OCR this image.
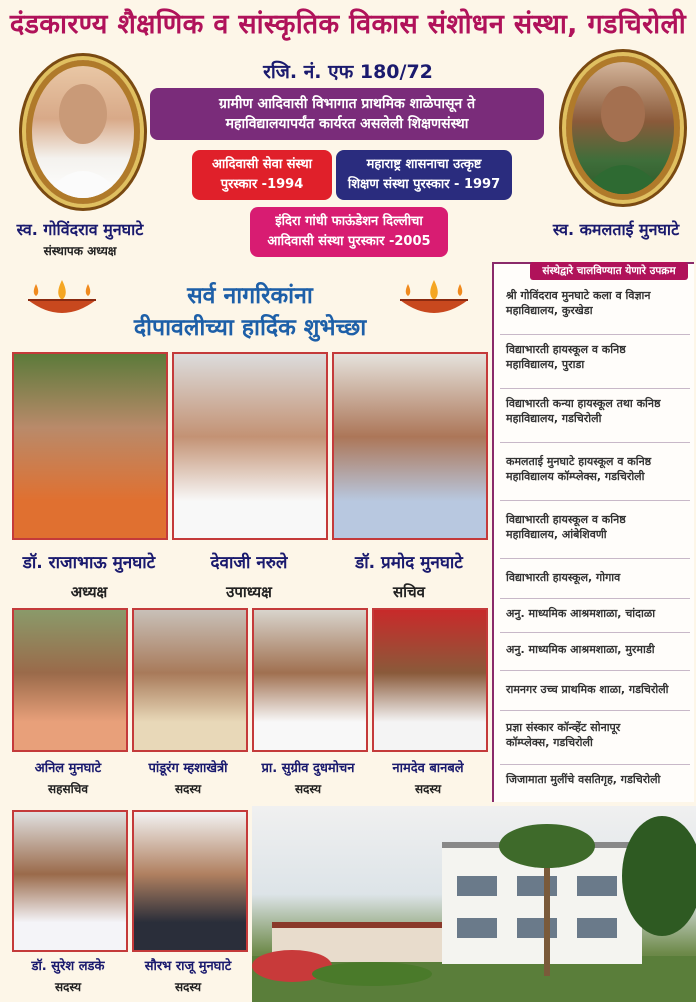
दंडकारण्य शैक्षणिक व सांस्कृतिक विकास संशोधन संस्था, गडचिरोली
रजि. नं. एफ 180/72
ग्रामीण आदिवासी विभागात प्राथमिक शाळेपासून ते
महाविद्यालयापर्यंत कार्यरत असलेली शिक्षणसंस्था
आदिवासी सेवा संस्था
पुरस्कार -1994
महाराष्ट्र शासनाचा उत्कृष्ट
शिक्षण संस्था पुरस्कार - 1997
इंदिरा गांधी फाऊंडेशन दिल्लीचा
आदिवासी संस्था पुरस्कार -2005
स्व. गोविंदराव मुनघाटे
संस्थापक अध्यक्ष
स्व. कमलताई मुनघाटे
सर्व नागरिकांना
दीपावलीच्या हार्दिक शुभेच्छा
डॉ. राजाभाऊ मुनघाटे
अध्यक्ष
देवाजी नरुले
उपाध्यक्ष
डॉ. प्रमोद मुनघाटे
सचिव
अनिल मुनघाटे
सहसचिव
पांडूरंग म्हशाखेत्री
सदस्य
प्रा. सुग्रीव दुधमोचन
सदस्य
नामदेव बानबले
सदस्य
डॉ. सुरेश लडके
सदस्य
सौरभ राजू मुनघाटे
सदस्य
श्री गोविंदराव मुनघाटे कला व विज्ञान
महाविद्यालय, कुरखेडा
विद्याभारती हायस्कूल व कनिष्ठ
महाविद्यालय, पुराडा
विद्याभारती कन्या हायस्कूल तथा कनिष्ठ
महाविद्यालय, गडचिरोली
कमलताई मुनघाटे हायस्कूल व कनिष्ठ
महाविद्यालय कॉम्प्लेक्स, गडचिरोली
विद्याभारती हायस्कूल व कनिष्ठ
महाविद्यालय, आंबेशिवणी
विद्याभारती हायस्कूल, गोगाव
अनु. माध्यमिक आश्रमशाळा, चांदाळा
अनु. माध्यमिक आश्रमशाळा, मुरमाडी
रामनगर उच्च प्राथमिक शाळा, गडचिरोली
प्रज्ञा संस्कार कॉन्व्हेंट सोनापूर
कॉम्प्लेक्स, गडचिरोली
जिजामाता मुलींचे वसतिगृह, गडचिरोली
संस्थेद्वारे चालविण्यात येणारे उपक्रम
